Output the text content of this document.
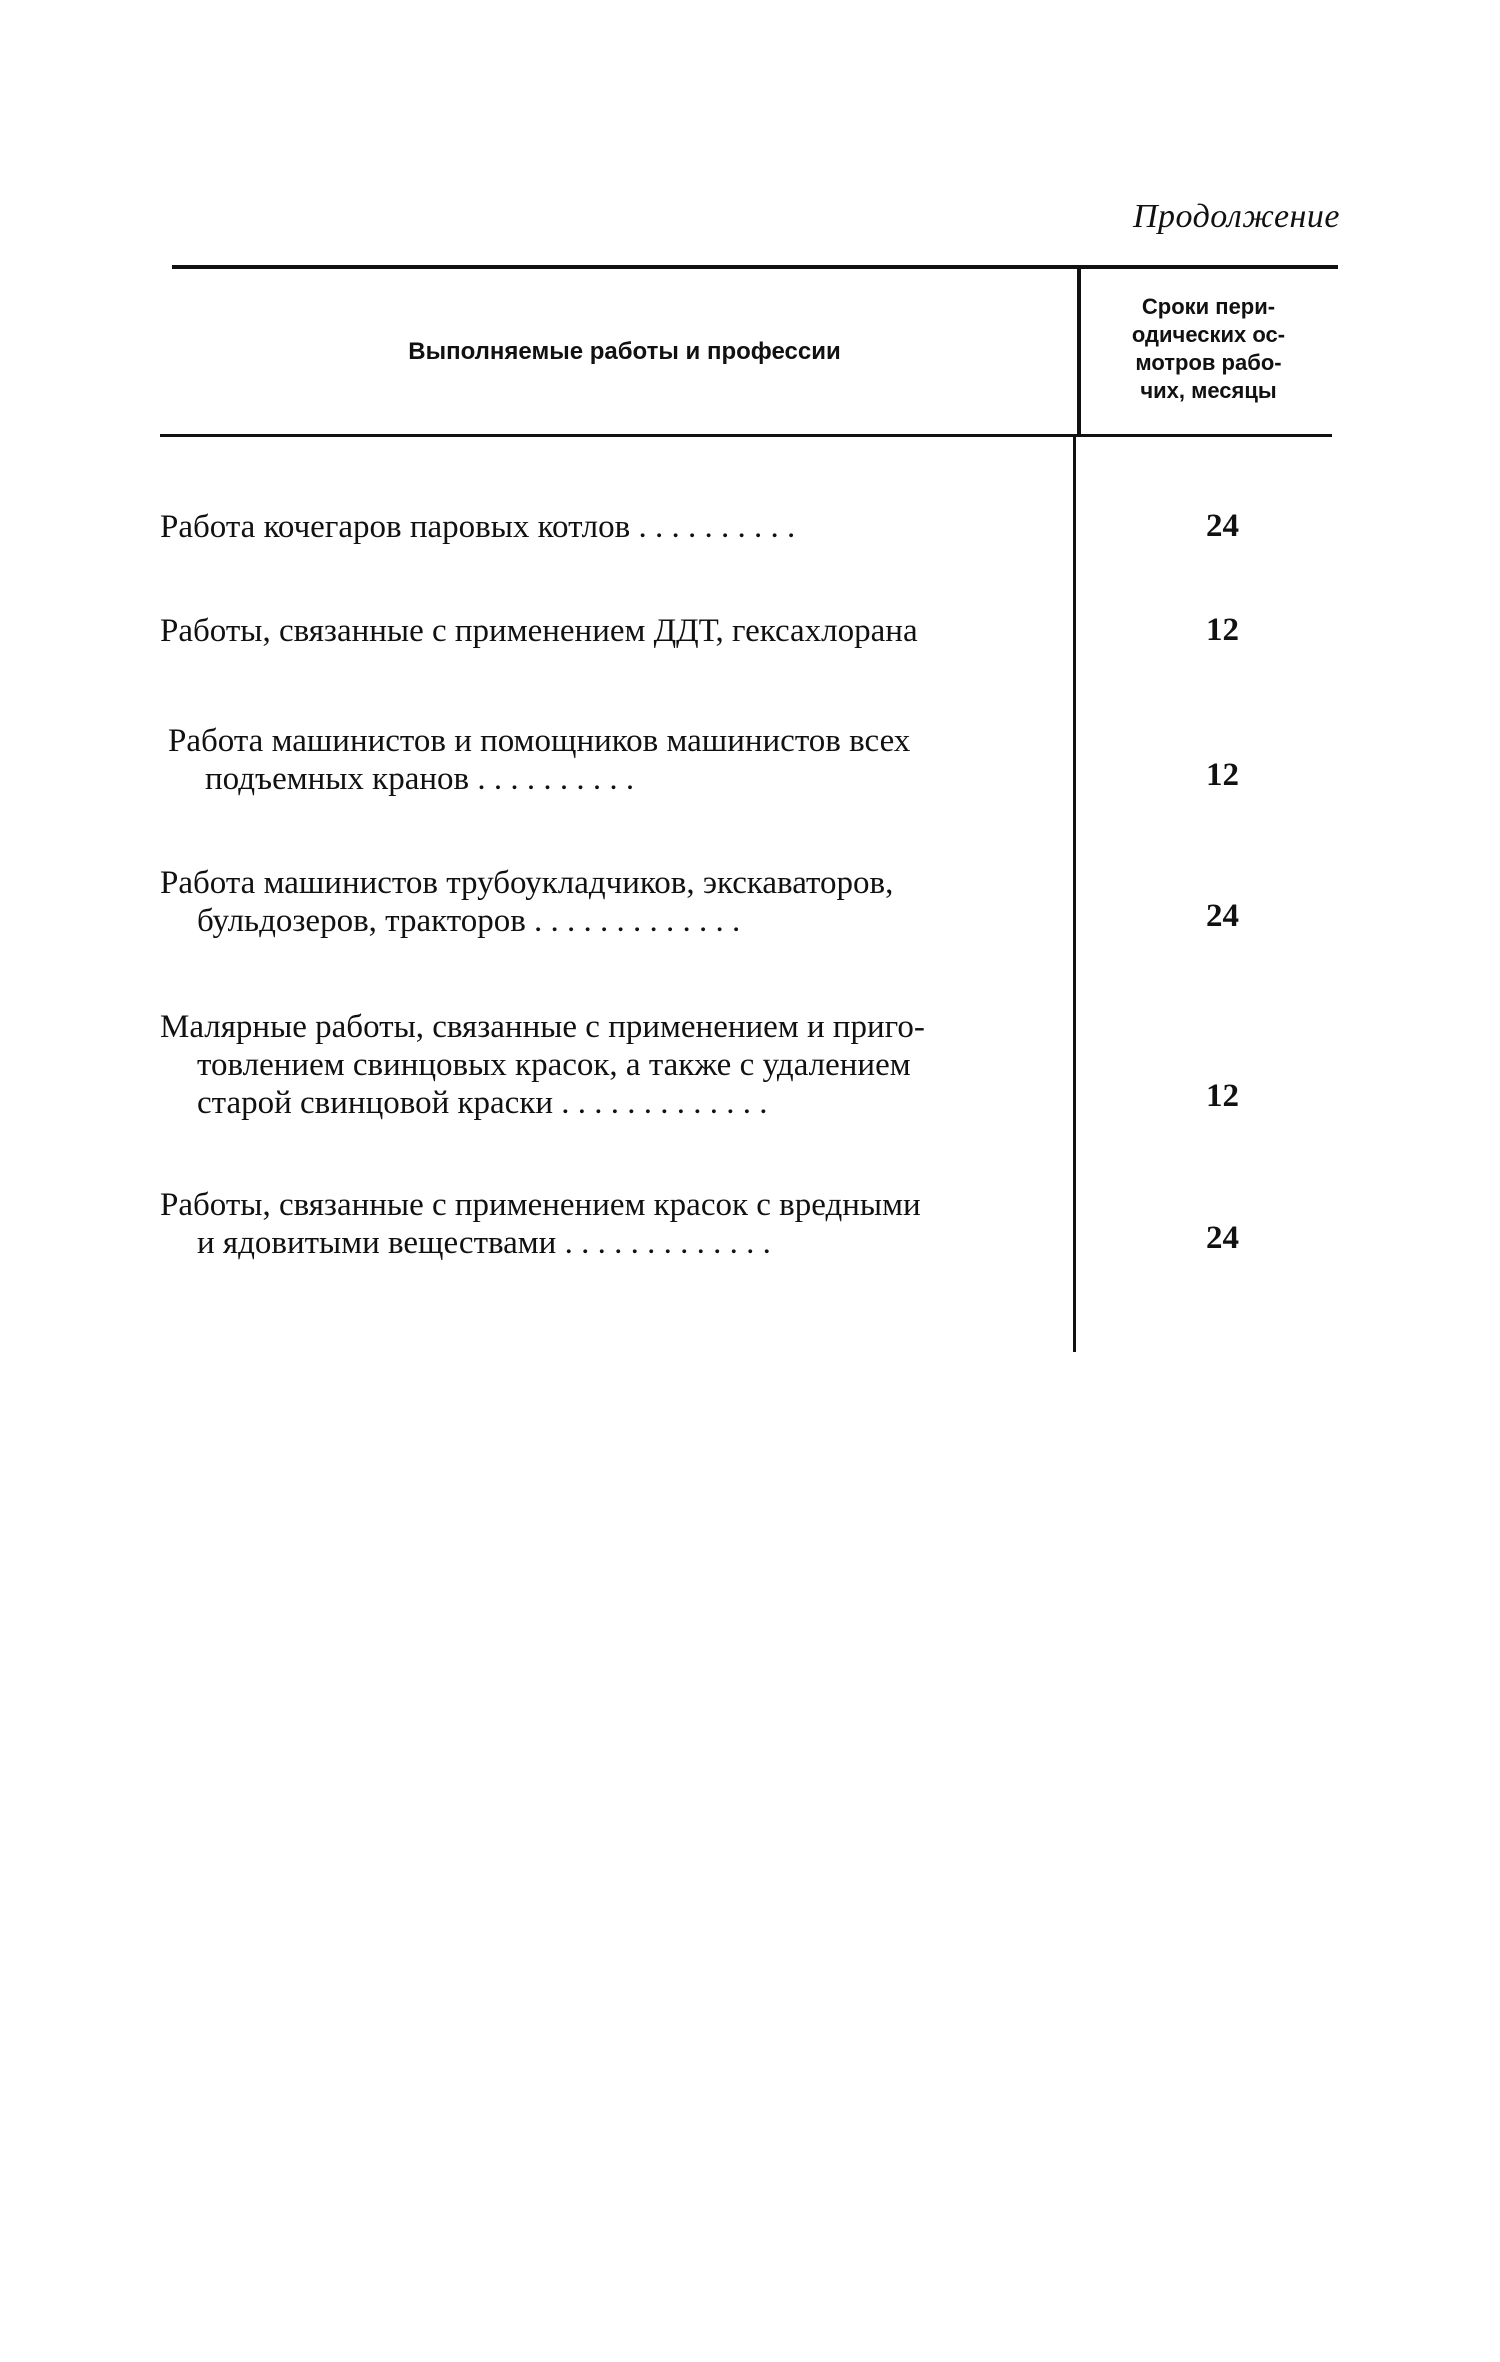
Продолжение
Выполняемые работы и профессии
Сроки пери-
одических ос-
мотров рабо-
чих, месяцы
Работа кочегаров паровых котлов . . . . . . . . . .	24
Работы, связанные с применением ДДТ, гексахлорана	12
Работа машинистов и помощников машинистов всех
подъемных кранов . . . . . . . . . .	12
Работа машинистов трубоукладчиков, экскаваторов,
бульдозеров, тракторов . . . . . . . . . . . . .	24
Малярные работы, связанные с применением и приго-
товлением свинцовых красок, а также с удалением
старой свинцовой краски . . . . . . . . . . . . .	12
Работы, связанные с применением красок с вредными
и ядовитыми веществами . . . . . . . . . . . . .	24
